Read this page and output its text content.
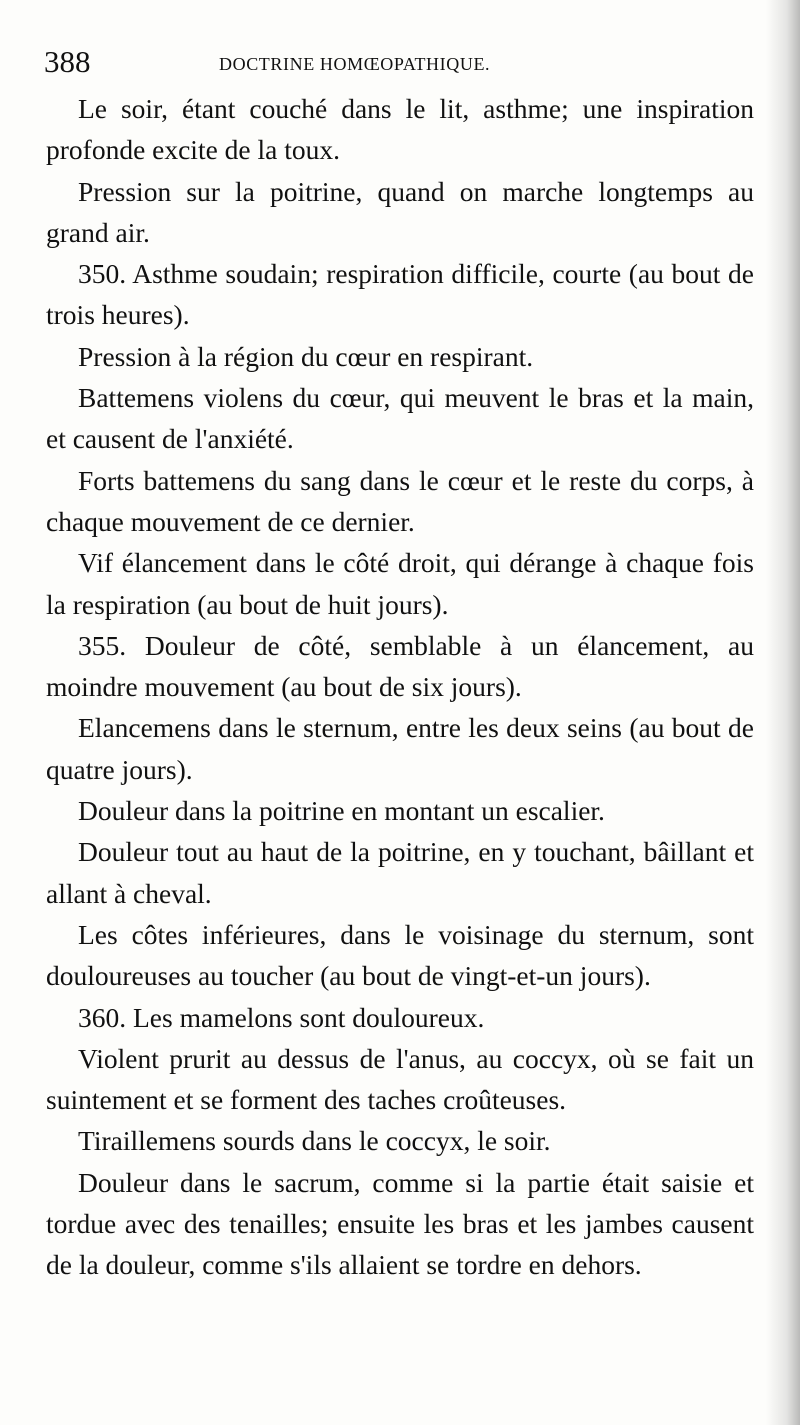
388	DOCTRINE HOMŒOPATHIQUE.

Le soir, étant couché dans le lit, asthme; une inspiration profonde excite de la toux.

Pression sur la poitrine, quand on marche longtemps au grand air.

350. Asthme soudain; respiration difficile, courte (au bout de trois heures).

Pression à la région du cœur en respirant.

Battemens violens du cœur, qui meuvent le bras et la main, et causent de l'anxiété.

Forts battemens du sang dans le cœur et le reste du corps, à chaque mouvement de ce dernier.

Vif élancement dans le côté droit, qui dérange à chaque fois la respiration (au bout de huit jours).

355. Douleur de côté, semblable à un élancement, au moindre mouvement (au bout de six jours).

Elancemens dans le sternum, entre les deux seins (au bout de quatre jours).

Douleur dans la poitrine en montant un escalier.

Douleur tout au haut de la poitrine, en y touchant, bâillant et allant à cheval.

Les côtes inférieures, dans le voisinage du sternum, sont douloureuses au toucher (au bout de vingt-et-un jours).

360. Les mamelons sont douloureux.

Violent prurit au dessus de l'anus, au coccyx, où se fait un suintement et se forment des taches croûteuses.

Tiraillemens sourds dans le coccyx, le soir.

Douleur dans le sacrum, comme si la partie était saisie et tordue avec des tenailles; ensuite les bras et les jambes causent de la douleur, comme s'ils allaient se tordre en dehors.
